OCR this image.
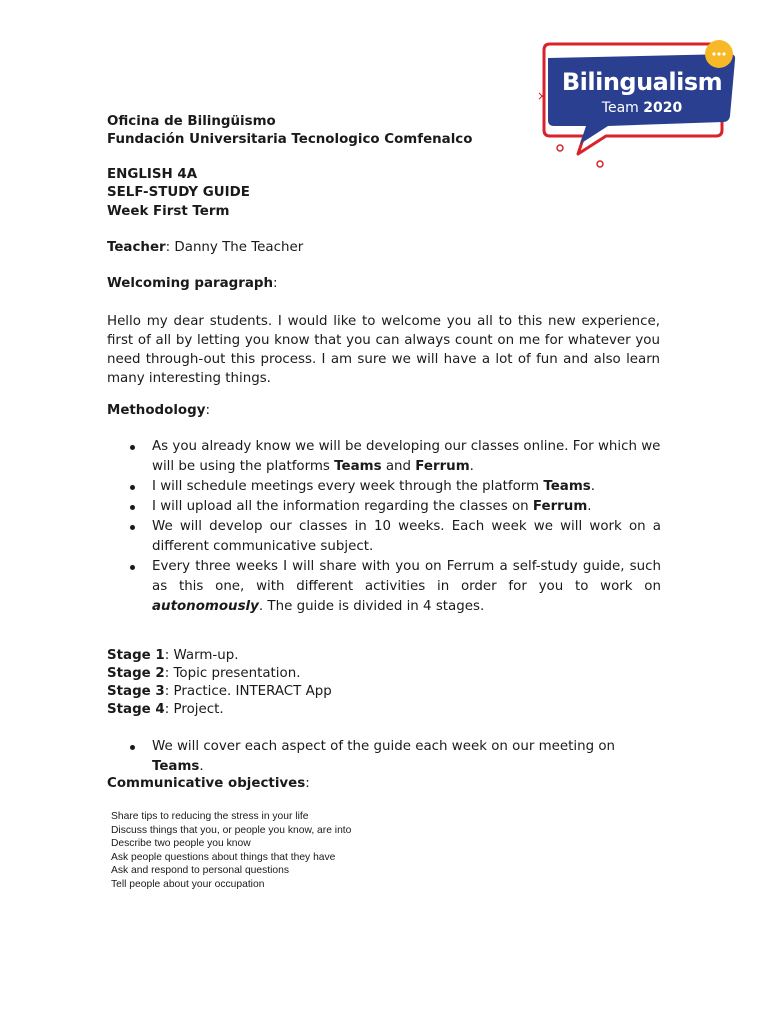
× Bilingualism
Team 2020
Oficina de Bilingüismo
Fundación Universitaria Tecnologico Comfenalco
ENGLISH 4A
SELF-STUDY GUIDE
Week First Term
Teacher: Danny The Teacher
Welcoming paragraph:
Hello my dear students. I would like to welcome you all to this new experience, first of all by letting you know that you can always count on me for whatever you need through-out this process. I am sure we will have a lot of fun and also learn many interesting things.
Methodology:
As you already know we will be developing our classes online. For which we will be using the platforms Teams and Ferrum.
I will schedule meetings every week through the platform Teams.
I will upload all the information regarding the classes on Ferrum.
We will develop our classes in 10 weeks. Each week we will work on a different communicative subject.
Every three weeks I will share with you on Ferrum a self-study guide, such as this one, with different activities in order for you to work on autonomously. The guide is divided in 4 stages.
Stage 1: Warm-up.
Stage 2: Topic presentation.
Stage 3: Practice. INTERACT App
Stage 4: Project.
We will cover each aspect of the guide each week on our meeting on Teams.
Communicative objectives:
Share tips to reducing the stress in your life
Discuss things that you, or people you know, are into
Describe two people you know
Ask people questions about things that they have
Ask and respond to personal questions
Tell people about your occupation
